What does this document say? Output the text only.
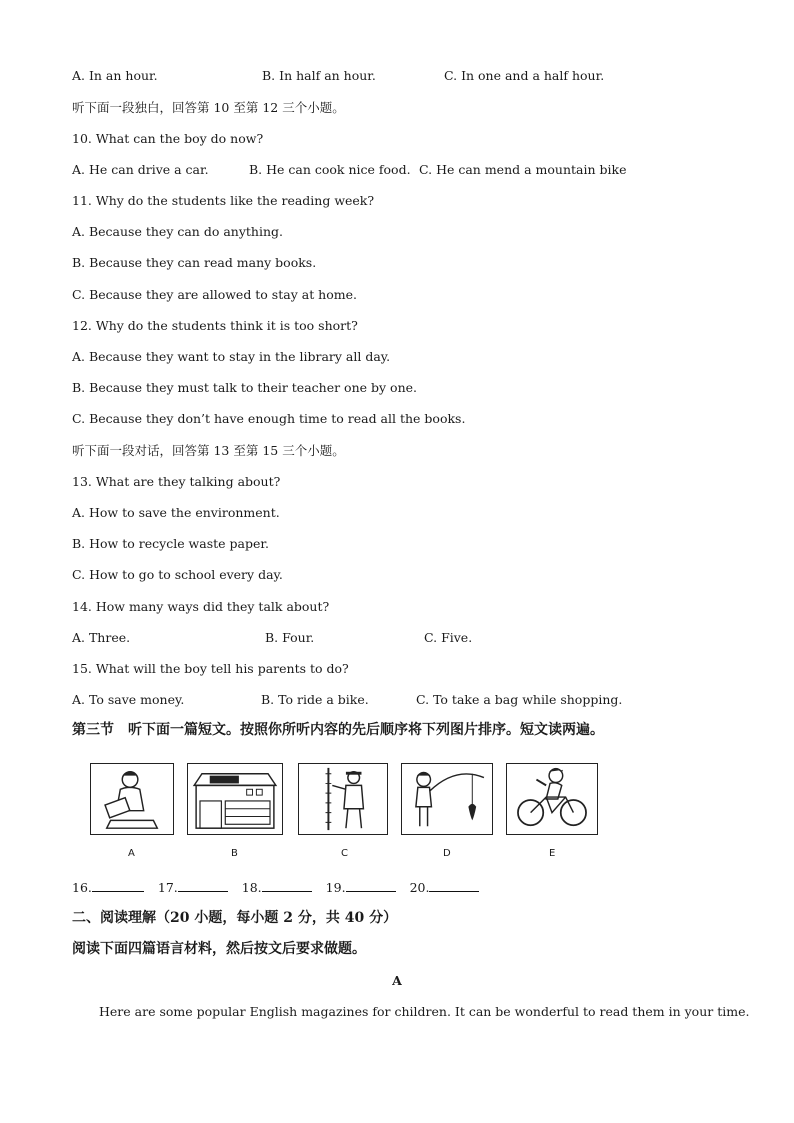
A. In an hour.	B. In half an hour.	C. In one and a half hour.
听下面一段独白，回答第 10 至第 12 三个小题。
10. What can the boy do now?
A. He can drive a car.	B. He can cook nice food. C. He can mend a mountain bike
11. Why do the students like the reading week?
A. Because they can do anything.
B. Because they can read many books.
C. Because they are allowed to stay at home.
12. Why do the students think it is too short?
A. Because they want to stay in the library all day.
B. Because they must talk to their teacher one by one.
C. Because they don’t have enough time to read all the books.
听下面一段对话，回答第 13 至第 15 三个小题。
13. What are they talking about?
A. How to save the environment.
B. How to recycle waste paper.
C. How to go to school every day.
14. How many ways did they talk about?
A. Three.	B. Four.	C. Five.
15. What will the boy tell his parents to do?
A. To save money.	B. To ride a bike.	C. To take a bag while shopping.
第三节　听下面一篇短文。按照你所听内容的先后顺序将下列图片排序。短文读两遍。
A	B	C	D	E
16.	17.	18.	19.	20.
二、阅读理解（20 小题，每小题 2 分，共 40 分）
阅读下面四篇语言材料，然后按文后要求做题。
A
Here are some popular English magazines for children. It can be wonderful to read them in your time.
